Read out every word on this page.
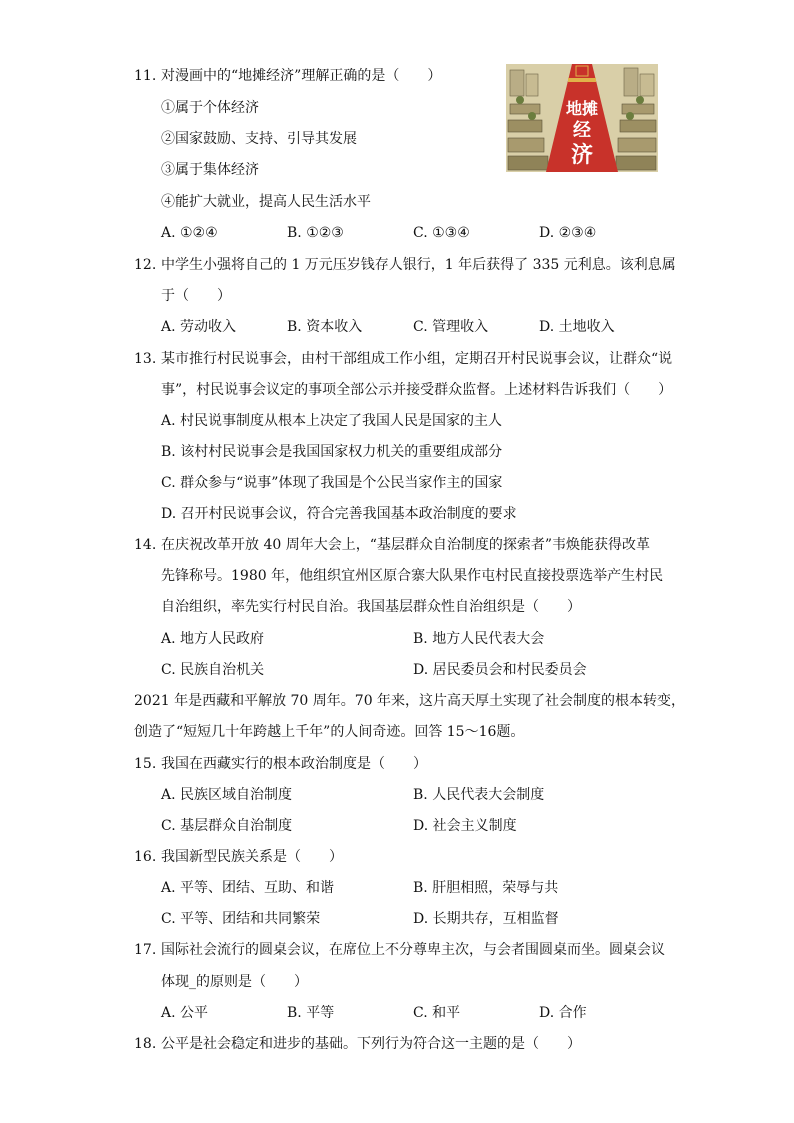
11. 对漫画中的“地摊经济”理解正确的是（　　）
①属于个体经济
②国家鼓励、支持、引导其发展
③属于集体经济
④能扩大就业，提高人民生活水平
A. ①②④	B. ①②③	C. ①③④	D. ②③④
地摊
经
济
12. 中学生小强将自己的 1 万元压岁钱存人银行，1 年后获得了 335 元利息。该利息属
于（　　）
A. 劳动收入	B. 资本收入	C. 管理收入	D. 土地收入
13. 某市推行村民说事会，由村干部组成工作小组，定期召开村民说事会议，让群众“说
事”，村民说事会议定的事项全部公示并接受群众监督。上述材料告诉我们（　　）
A. 村民说事制度从根本上决定了我国人民是国家的主人
B. 该村村民说事会是我国国家权力机关的重要组成部分
C. 群众参与“说事”体现了我国是个公民当家作主的国家
D. 召开村民说事会议，符合完善我国基本政治制度的要求
14. 在庆祝改革开放 40 周年大会上，“基层群众自治制度的探索者”韦焕能获得改革
先锋称号。1980 年，他组织宜州区原合寨大队果作屯村民直接投票选举产生村民
自治组织，率先实行村民自治。我国基层群众性自治组织是（　　）
A. 地方人民政府	B. 地方人民代表大会
C. 民族自治机关	D. 居民委员会和村民委员会
2021 年是西藏和平解放 70 周年。70 年来，这片高天厚土实现了社会制度的根本转变，
创造了“短短几十年跨越上千年”的人间奇迹。回答 15～16题。
15. 我国在西藏实行的根本政治制度是（　　）
A. 民族区域自治制度	B. 人民代表大会制度
C. 基层群众自治制度	D. 社会主义制度
16. 我国新型民族关系是（　　）
A. 平等、团结、互助、和谐	B. 肝胆相照，荣辱与共
C. 平等、团结和共同繁荣	D. 长期共存，互相监督
17. 国际社会流行的圆桌会议，在席位上不分尊卑主次，与会者围圆桌而坐。圆桌会议
体现_的原则是（　　）
A. 公平	B. 平等	C. 和平	D. 合作
18. 公平是社会稳定和进步的基础。下列行为符合这一主题的是（　　）
